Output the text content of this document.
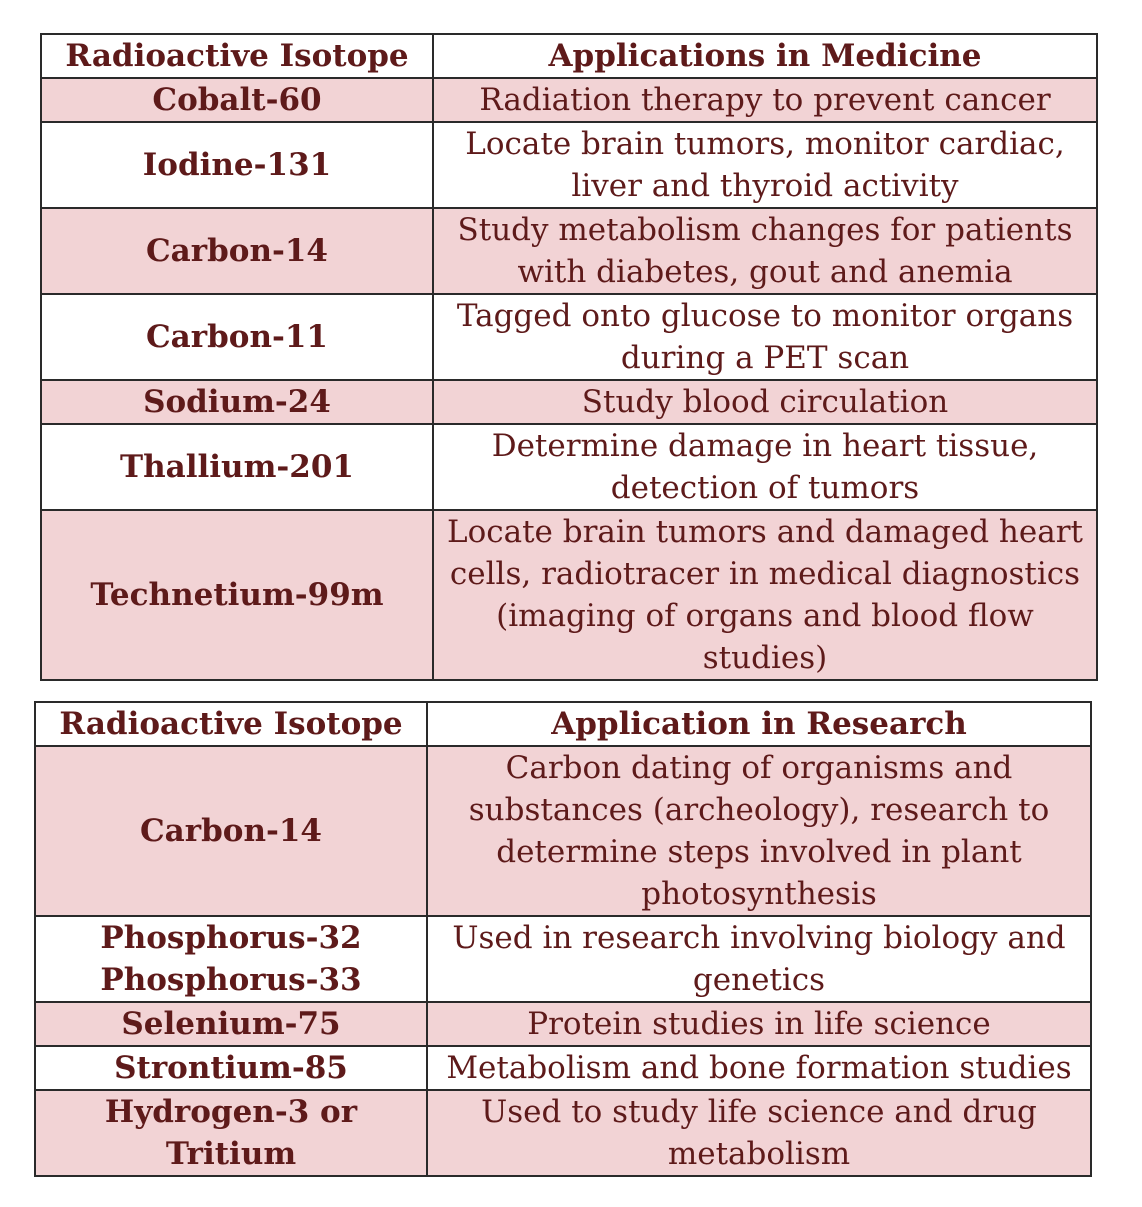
Radioactive Isotope	Applications in Medicine
Cobalt-60	Radiation therapy to prevent cancer
Iodine-131	Locate brain tumors, monitor cardiac,
liver and thyroid activity
Carbon-14	Study metabolism changes for patients
with diabetes, gout and anemia
Carbon-11	Tagged onto glucose to monitor organs
during a PET scan
Sodium-24	Study blood circulation
Thallium-201	Determine damage in heart tissue,
detection of tumors
Technetium-99m	Locate brain tumors and damaged heart
cells, radiotracer in medical diagnostics
(imaging of organs and blood flow
studies)
Radioactive Isotope	Application in Research
Carbon-14	Carbon dating of organisms and
substances (archeology), research to
determine steps involved in plant
photosynthesis
Phosphorus-32
Phosphorus-33	Used in research involving biology and
genetics
Selenium-75	Protein studies in life science
Strontium-85	Metabolism and bone formation studies
Hydrogen-3 or
Tritium	Used to study life science and drug
metabolism
